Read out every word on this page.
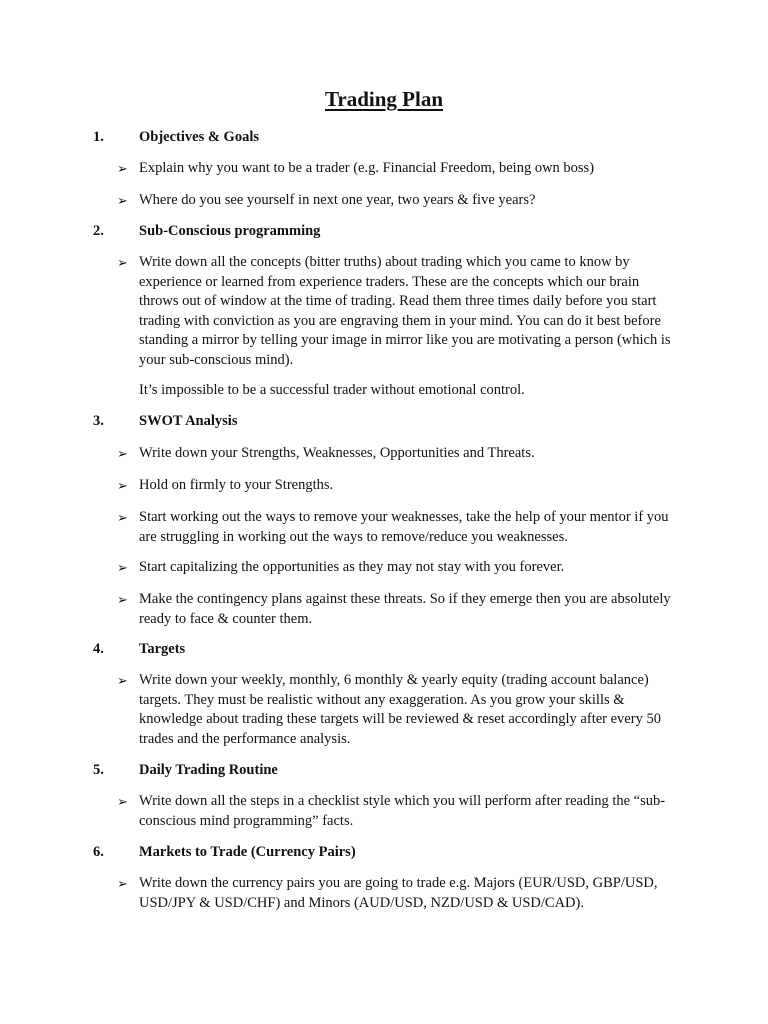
Trading Plan
1. Objectives & Goals
➢ Explain why you want to be a trader (e.g. Financial Freedom, being own boss)
➢ Where do you see yourself in next one year, two years & five years?
2. Sub-Conscious programming
➢ Write down all the concepts (bitter truths) about trading which you came to know by experience or learned from experience traders. These are the concepts which our brain throws out of window at the time of trading. Read them three times daily before you start trading with conviction as you are engraving them in your mind. You can do it best before standing a mirror by telling your image in mirror like you are motivating a person (which is your sub-conscious mind).
It’s impossible to be a successful trader without emotional control.
3. SWOT Analysis
➢ Write down your Strengths, Weaknesses, Opportunities and Threats.
➢ Hold on firmly to your Strengths.
➢ Start working out the ways to remove your weaknesses, take the help of your mentor if you are struggling in working out the ways to remove/reduce you weaknesses.
➢ Start capitalizing the opportunities as they may not stay with you forever.
➢ Make the contingency plans against these threats. So if they emerge then you are absolutely ready to face & counter them.
4. Targets
➢ Write down your weekly, monthly, 6 monthly & yearly equity (trading account balance) targets. They must be realistic without any exaggeration. As you grow your skills & knowledge about trading these targets will be reviewed & reset accordingly after every 50 trades and the performance analysis.
5. Daily Trading Routine
➢ Write down all the steps in a checklist style which you will perform after reading the “sub-conscious mind programming” facts.
6. Markets to Trade (Currency Pairs)
➢ Write down the currency pairs you are going to trade e.g. Majors (EUR/USD, GBP/USD, USD/JPY & USD/CHF) and Minors (AUD/USD, NZD/USD & USD/CAD).
